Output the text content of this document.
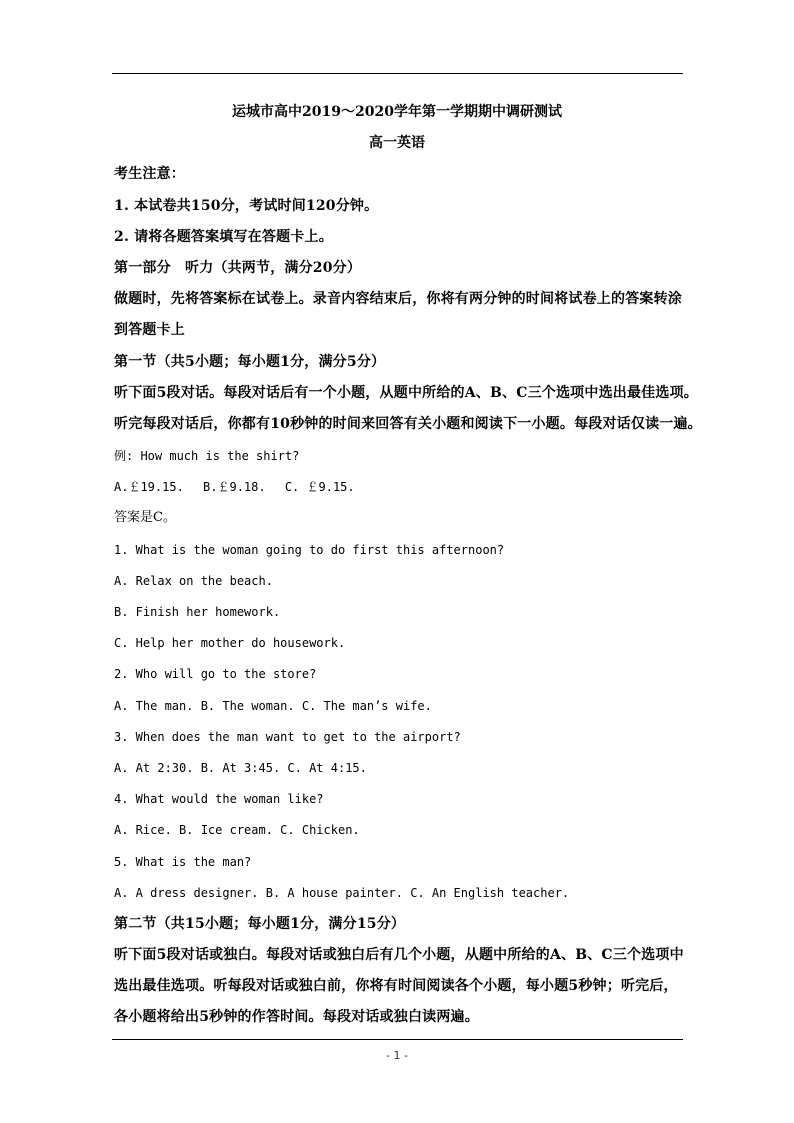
运城市高中2019～2020学年第一学期期中调研测试
高一英语
考生注意：
1. 本试卷共150分，考试时间120分钟。
2. 请将各题答案填写在答题卡上。
第一部分　听力（共两节，满分20分）
做题时，先将答案标在试卷上。录音内容结束后，你将有两分钟的时间将试卷上的答案转涂
到答题卡上
第一节（共5小题；每小题1分，满分5分）
听下面5段对话。每段对话后有一个小题，从题中所给的A、B、C三个选项中选出最佳选项。
听完每段对话后，你都有10秒钟的时间来回答有关小题和阅读下一小题。每段对话仅读一遍。
例: How much is the shirt?
A.￡19.15.　 B.￡9.18.　 C. ￡9.15.
答案是C。
1. What is the woman going to do first this afternoon?
A. Relax on the beach.
B. Finish her homework.
C. Help her mother do housework.
2. Who will go to the store?
A. The man. B. The woman. C. The man’s wife.
3. When does the man want to get to the airport?
A. At 2:30. B. At 3:45. C. At 4:15.
4. What would the woman like?
A. Rice. B. Ice cream. C. Chicken.
5. What is the man?
A. A dress designer. B. A house painter. C. An English teacher.
第二节（共15小题；每小题1分，满分15分）
听下面5段对话或独白。每段对话或独白后有几个小题，从题中所给的A、B、C三个选项中
选出最佳选项。听每段对话或独白前，你将有时间阅读各个小题，每小题5秒钟；听完后，
各小题将给出5秒钟的作答时间。每段对话或独白读两遍。
- 1 -
